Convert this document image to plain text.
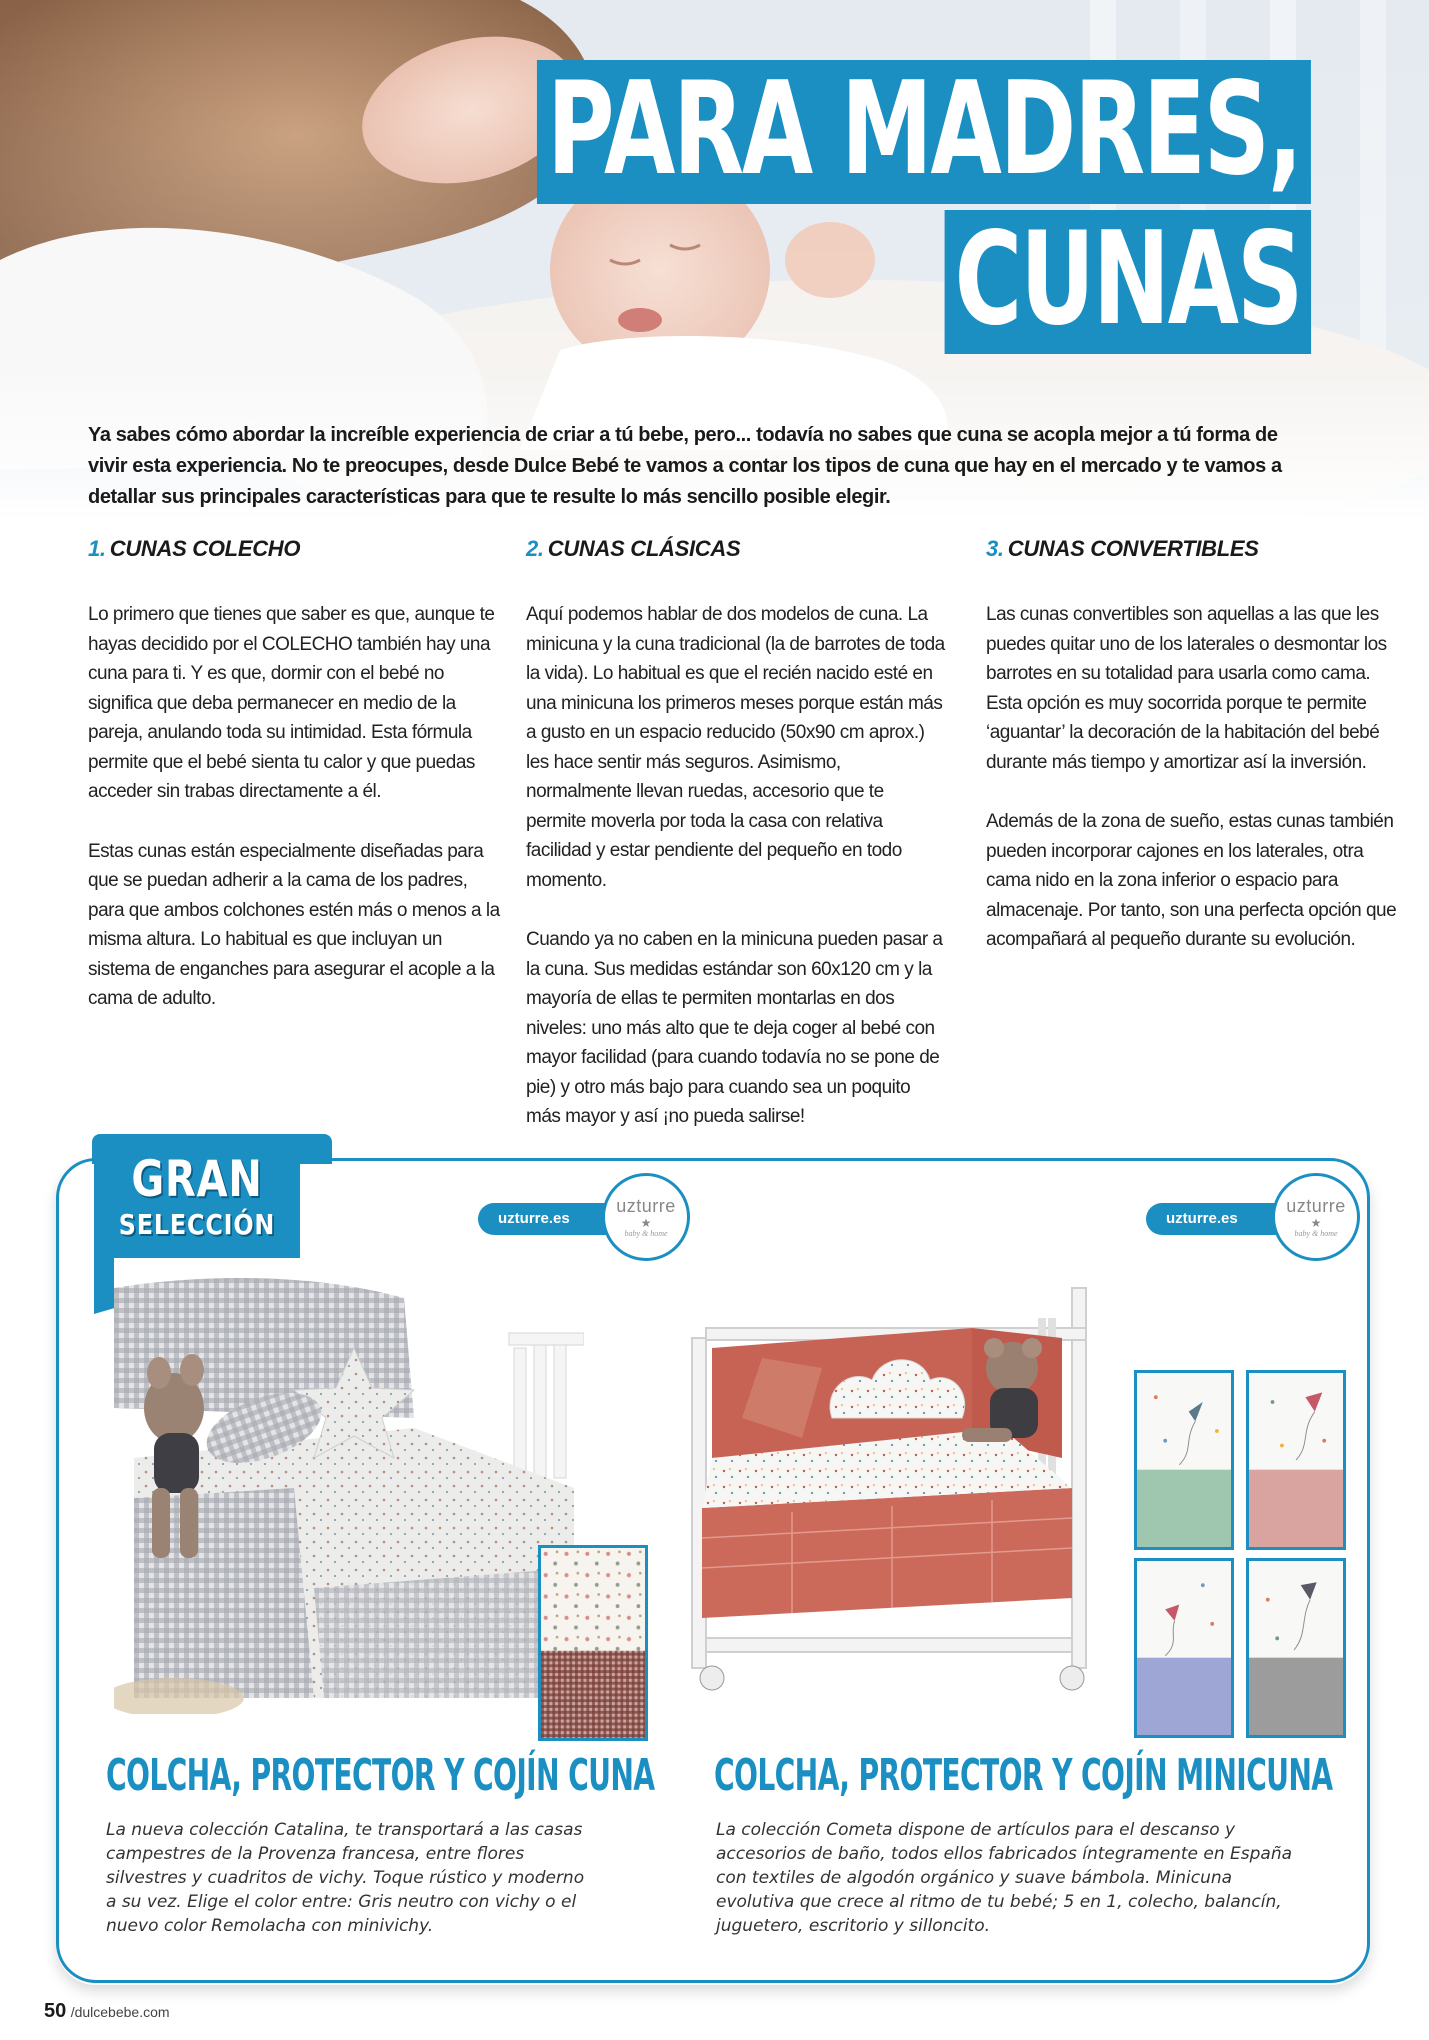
PARA MADRES,
CUNAS

Ya sabes cómo abordar la increíble experiencia de criar a tú bebe, pero... todavía no sabes que cuna se acopla mejor a tú forma de vivir esta experiencia. No te preocupes, desde Dulce Bebé te vamos a contar los tipos de cuna que hay en el mercado y te vamos a detallar sus principales características para que te resulte lo más sencillo posible elegir.

1. CUNAS COLECHO

Lo primero que tienes que saber es que, aunque te hayas decidido por el COLECHO también hay una cuna para ti. Y es que, dormir con el bebé no significa que deba permanecer en medio de la pareja, anulando toda su intimidad. Esta fórmula permite que el bebé sienta tu calor y que puedas acceder sin trabas directamente a él.

Estas cunas están especialmente diseñadas para que se puedan adherir a la cama de los padres, para que ambos colchones estén más o menos a la misma altura. Lo habitual es que incluyan un sistema de enganches para asegurar el acople a la cama de adulto.

2. CUNAS CLÁSICAS

Aquí podemos hablar de dos modelos de cuna. La minicuna y la cuna tradicional (la de barrotes de toda la vida). Lo habitual es que el recién nacido esté en una minicuna los primeros meses porque están más a gusto en un espacio reducido (50x90 cm aprox.) les hace sentir más seguros. Asimismo, normalmente llevan ruedas, accesorio que te permite moverla por toda la casa con relativa facilidad y estar pendiente del pequeño en todo momento.

Cuando ya no caben en la minicuna pueden pasar a la cuna. Sus medidas estándar son 60x120 cm y la mayoría de ellas te permiten montarlas en dos niveles: uno más alto que te deja coger al bebé con mayor facilidad (para cuando todavía no se pone de pie) y otro más bajo para cuando sea un poquito más mayor y así ¡no pueda salirse!

3. CUNAS CONVERTIBLES

Las cunas convertibles son aquellas a las que les puedes quitar uno de los laterales o desmontar los barrotes en su totalidad para usarla como cama. Esta opción es muy socorrida porque te permite ‘aguantar’ la decoración de la habitación del bebé durante más tiempo y amortizar así la inversión.

Además de la zona de sueño, estas cunas también pueden incorporar cajones en los laterales, otra cama nido en la zona inferior o espacio para almacenaje. Por tanto, son una perfecta opción que acompañará al pequeño durante su evolución.

GRAN
SELECCIÓN	uzturre.es
uzturre
★
baby & home
uzturre.es
uzturre
★
baby & home
COLCHA, PROTECTOR Y COJÍN CUNA

La nueva colección Catalina, te transportará a las casas campestres de la Provenza francesa, entre flores silvestres y cuadritos de vichy. Toque rústico y moderno a su vez. Elige el color entre: Gris neutro con vichy o el nuevo color Remolacha con minivichy.

COLCHA, PROTECTOR Y COJÍN MINICUNA

La colección Cometa dispone de artículos para el descanso y accesorios de baño, todos ellos fabricados íntegramente en España con textiles de algodón orgánico y suave bámbola. Minicuna evolutiva que crece al ritmo de tu bebé; 5 en 1, colecho, balancín, juguetero, escritorio y silloncito.

50 /dulcebebe.com
